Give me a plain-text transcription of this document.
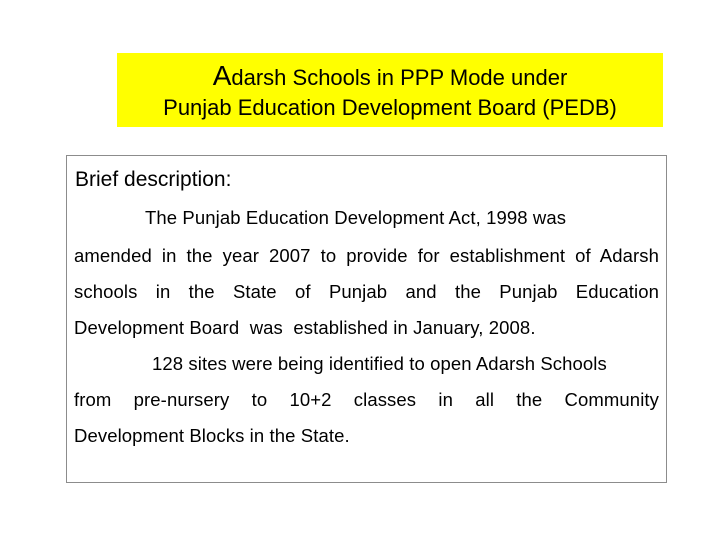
Adarsh Schools in PPP Mode under
Punjab Education Development Board (PEDB)
Brief description:
The Punjab Education Development Act, 1998 was
amended in the year 2007 to provide for establishment of Adarsh
schools in the State of Punjab and the Punjab Education
Development Board  was  established in January, 2008.
128 sites were being identified to open Adarsh Schools
from pre-nursery to 10+2 classes in all the Community
Development Blocks in the State.
